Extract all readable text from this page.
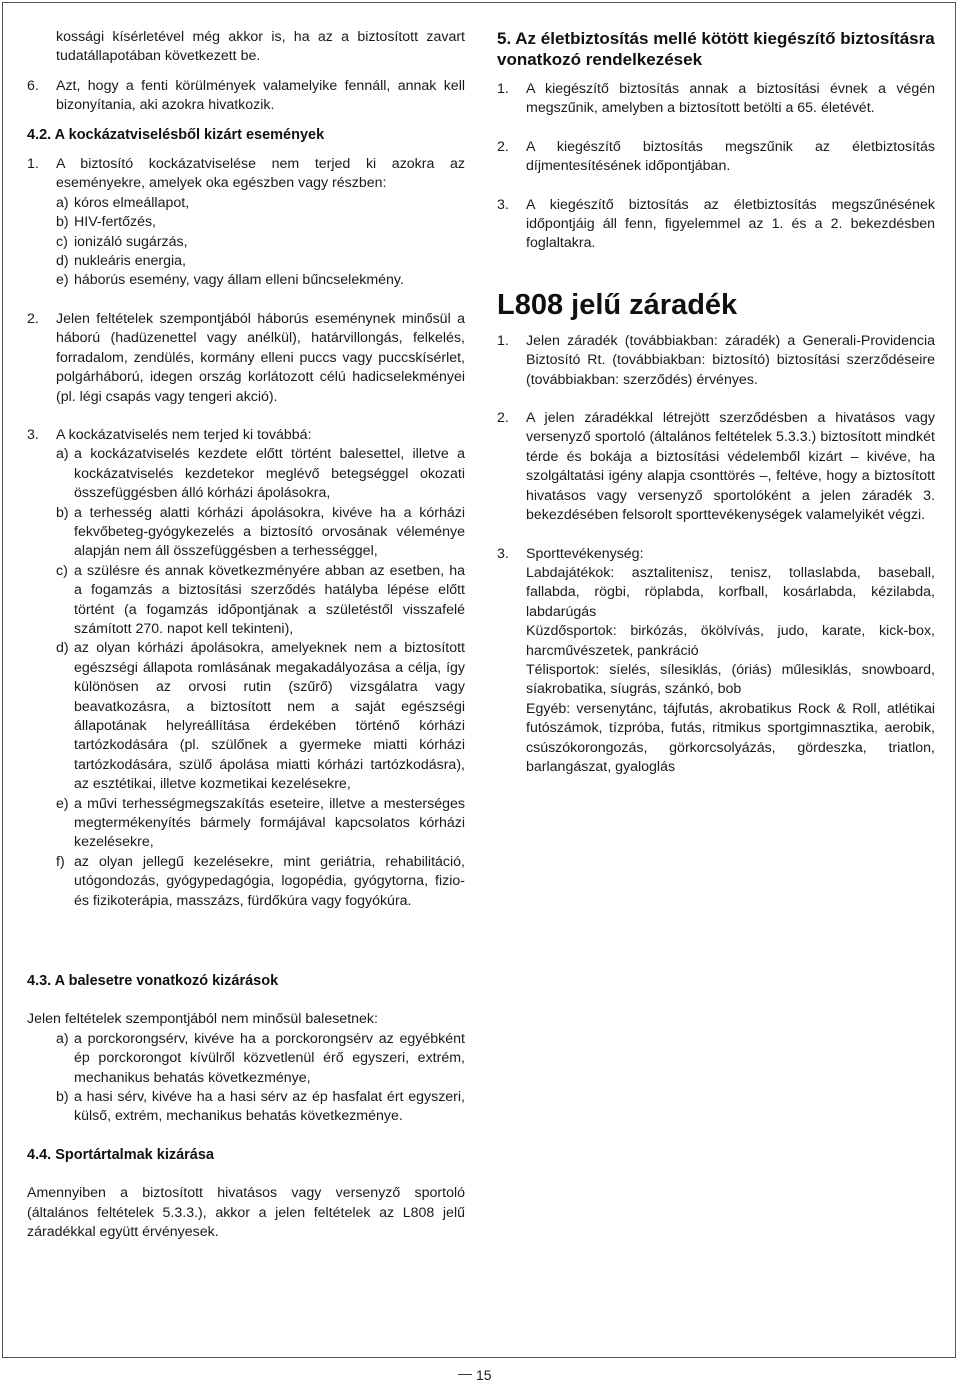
kossági kísérletével még akkor is, ha az a biztosított zavart tudatállapotában következett be.

6. Azt, hogy a fenti körülmények valamelyike fennáll, annak kell bizonyítania, aki azokra hivatkozik.
4.2. A kockázatviselésből kizárt események
1. A biztosító kockázatviselése nem terjed ki azokra az eseményekre, amelyek oka egészben vagy részben:
a) kóros elmeállapot,
b) HIV-fertőzés,
c) ionizáló sugárzás,
d) nukleáris energia,
e) háborús esemény, vagy állam elleni bűncselekmény.
2. Jelen feltételek szempontjából háborús eseménynek minősül a háború (hadüzenettel vagy anélkül), határvillongás, felkelés, forradalom, zendülés, kormány elleni puccs vagy puccskísérlet, polgárháború, idegen ország korlátozott célú hadicselekményei (pl. légi csapás vagy tengeri akció).
3. A kockázatviselés nem terjed ki továbbá:
a) a kockázatviselés kezdete előtt történt balesettel, illetve a kockázatviselés kezdetekor meglévő betegséggel okozati összefüggésben álló kórházi ápolásokra,
b) a terhesség alatti kórházi ápolásokra, kivéve ha a kórházi fekvőbeteg-gyógykezelés a biztosító orvosának véleménye alapján nem áll összefüggésben a terhességgel,
c) a szülésre és annak következményére abban az esetben, ha a fogamzás a biztosítási szerződés hatályba lépése előtt történt (a fogamzás időpontjának a születéstől visszafelé számított 270. napot kell tekinteni),
d) az olyan kórházi ápolásokra, amelyeknek nem a biztosított egészségi állapota romlásának megakadályozása a célja, így különösen az orvosi rutin (szűrő) vizsgálatra vagy beavatkozásra, a biztosított nem a saját egészségi állapotának helyreállítása érdekében történő kórházi tartózkodására (pl. szülőnek a gyermeke miatti kórházi tartózkodására, szülő ápolása miatti kórházi tartózkodásra), az esztétikai, illetve kozmetikai kezelésekre,
e) a művi terhességmegszakítás eseteire, illetve a mesterséges megtermékenyítés bármely formájával kapcsolatos kórházi kezelésekre,
f) az olyan jellegű kezelésekre, mint geriátria, rehabilitáció, utógondozás, gyógypedagógia, logopédia, gyógytorna, fizio- és fizikoterápia, masszázs, fürdőkúra vagy fogyókúra.
4.3. A balesetre vonatkozó kizárások

Jelen feltételek szempontjából nem minősül balesetnek:

a) a porckorongsérv, kivéve ha a porckorongsérv az egyébként ép porckorongot kívülről közvetlenül érő egyszeri, extrém, mechanikus behatás következménye,
b) a hasi sérv, kivéve ha a hasi sérv az ép hasfalat ért egyszeri, külső, extrém, mechanikus behatás következménye.
4.4. Sportártalmak kizárása

Amennyiben a biztosított hivatásos vagy versenyző sportoló (általános feltételek 5.3.3.), akkor a jelen feltételek az L808 jelű záradékkal együtt érvényesek.

5. Az életbiztosítás mellé kötött kiegészítő biztosításra vonatkozó rendelkezések
1. A kiegészítő biztosítás annak a biztosítási évnek a végén megszűnik, amelyben a biztosított betölti a 65. életévét.
2. A kiegészítő biztosítás megszűnik az életbiztosítás díjmentesítésének időpontjában.
3. A kiegészítő biztosítás az életbiztosítás megszűnésének időpontjáig áll fenn, figyelemmel az 1. és a 2. bekezdésben foglaltakra.
L808 jelű záradék
1. Jelen záradék (továbbiakban: záradék) a Generali-Providencia Biztosító Rt. (továbbiakban: biztosító) biztosítási szerződéseire (továbbiakban: szerződés) érvényes.
2. A jelen záradékkal létrejött szerződésben a hivatásos vagy versenyző sportoló (általános feltételek 5.3.3.) biztosított mindkét térde és bokája a biztosítási védelemből kizárt – kivéve, ha szolgáltatási igény alapja csonttörés –, feltéve, hogy a biztosított hivatásos vagy versenyző sportolóként a jelen záradék 3. bekezdésében felsorolt sporttevékenységek valamelyikét végzi.
3. Sporttevékenység:

Labdajátékok: asztalitenisz, tenisz, tollaslabda, baseball, fallabda, rögbi, röplabda, korfball, kosárlabda, kézilabda, labdarúgás

Küzdősportok: birkózás, ökölvívás, judo, karate, kick-box, harcművészetek, pankráció

Télisportok: síelés, sílesiklás, (óriás) műlesiklás, snowboard, síakrobatika, síugrás, szánkó, bob

Egyéb: versenytánc, tájfutás, akrobatikus Rock & Roll, atlétikai futószámok, tízpróba, futás, ritmikus sportgimnasztika, aerobik, csúszókorongozás, görkorcsolyázás, gördeszka, triatlon, barlangászat, gyaloglás

15
